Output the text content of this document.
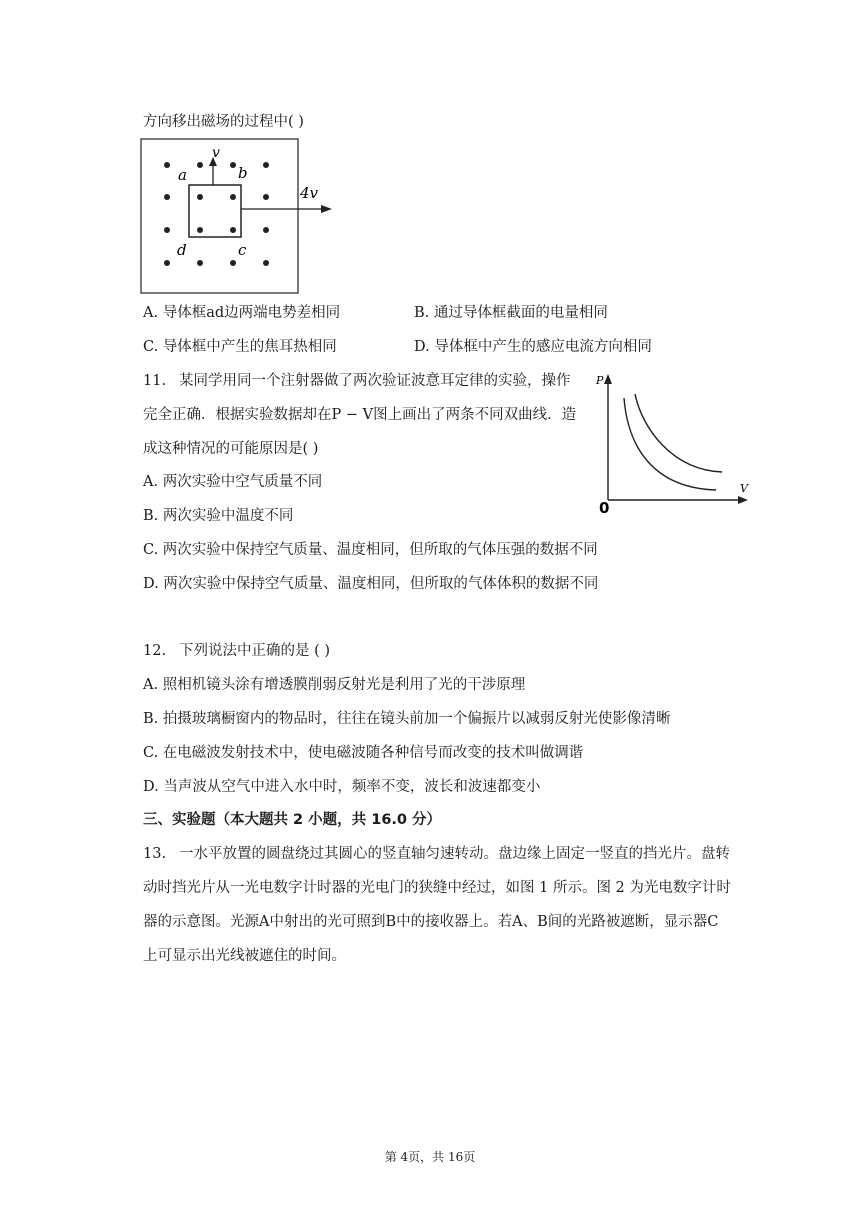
方向移出磁场的过程中( )
v
4v
a	b
c
d
A. 导体框ad边两端电势差相同	B. 通过导体框截面的电量相同
C. 导体框中产生的焦耳热相同	D. 导体框中产生的感应电流方向相同
11. 某同学用同一个注射器做了两次验证波意耳定律的实验，操作
完全正确．根据实验数据却在P − V图上画出了两条不同双曲线．造
成这种情况的可能原因是( )
P
V
0
A. 两次实验中空气质量不同
B. 两次实验中温度不同
C. 两次实验中保持空气质量、温度相同，但所取的气体压强的数据不同
D. 两次实验中保持空气质量、温度相同，但所取的气体体积的数据不同
12. 下列说法中正确的是 ( )
A. 照相机镜头涂有增透膜削弱反射光是利用了光的干涉原理
B. 拍摄玻璃橱窗内的物品时，往往在镜头前加一个偏振片以减弱反射光使影像清晰
C. 在电磁波发射技术中，使电磁波随各种信号而改变的技术叫做调谐
D. 当声波从空气中进入水中时，频率不变，波长和波速都变小
三、实验题（本大题共 2 小题，共 16.0 分）
13. 一水平放置的圆盘绕过其圆心的竖直轴匀速转动。盘边缘上固定一竖直的挡光片。盘转
动时挡光片从一光电数字计时器的光电门的狭缝中经过，如图 1 所示。图 2 为光电数字计时
器的示意图。光源A中射出的光可照到B中的接收器上。若A、B间的光路被遮断，显示器C
上可显示出光线被遮住的时间。
第 4页，共 16页
